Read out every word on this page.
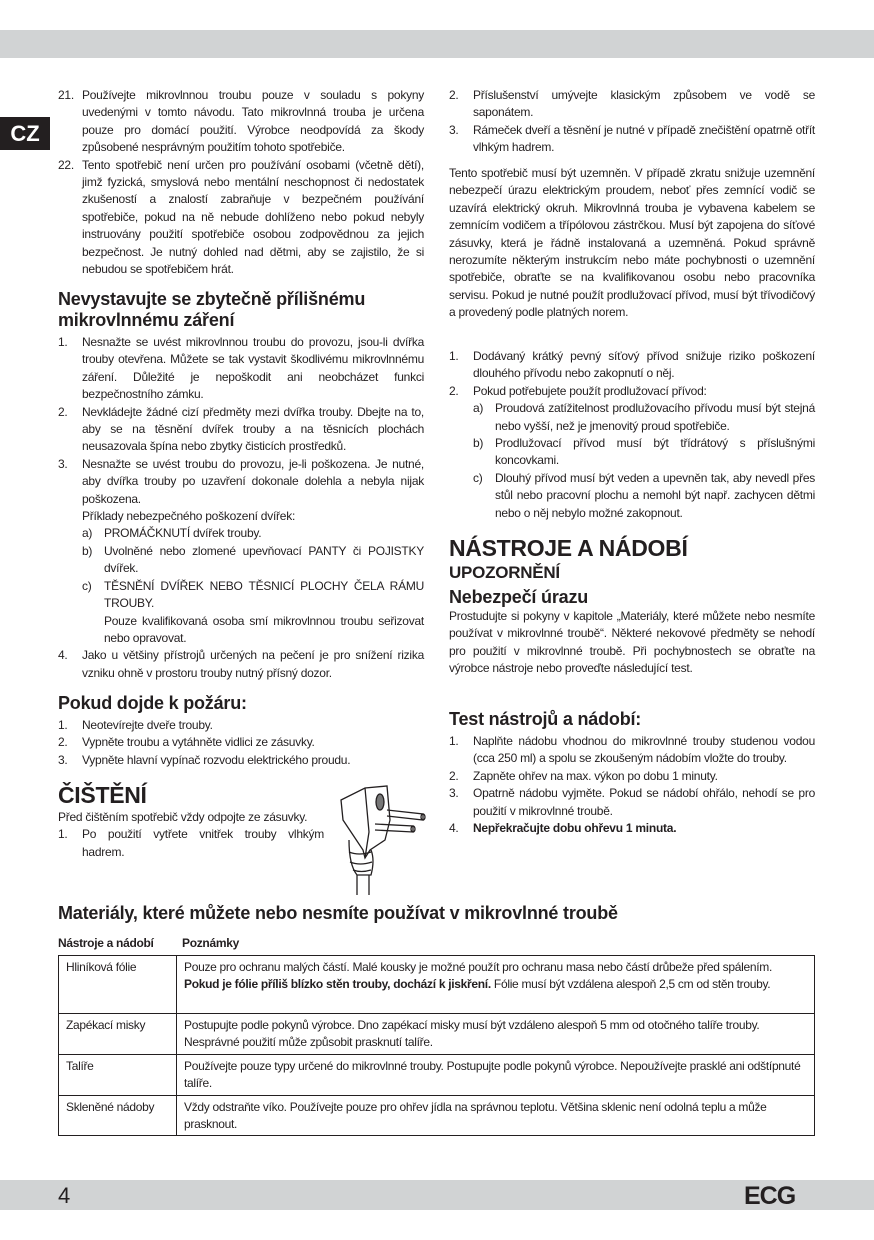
CZ
21. Používejte mikrovlnnou troubu pouze v souladu s pokyny uvedenými v tomto návodu. Tato mikrovlnná trouba je určena pouze pro domácí použití. Výrobce neodpovídá za škody způsobené nesprávným použitím tohoto spotřebiče.
22. Tento spotřebič není určen pro používání osobami (včetně dětí), jimž fyzická, smyslová nebo mentální neschopnost či nedostatek zkušeností a znalostí zabraňuje v bezpečném používání spotřebiče, pokud na ně nebude dohlíženo nebo pokud nebyly instruovány použití spotřebiče osobou zodpovědnou za jejich bezpečnost. Je nutný dohled nad dětmi, aby se zajistilo, že si nebudou se spotřebičem hrát.
Nevystavujte se zbytečně přílišnému mikrovlnnému záření
1. Nesnažte se uvést mikrovlnnou troubu do provozu, jsou-li dvířka trouby otevřena. Můžete se tak vystavit škodlivému mikrovlnnému záření. Důležité je nepoškodit ani neobcházet funkci bezpečnostního zámku.
2. Nevkládejte žádné cizí předměty mezi dvířka trouby. Dbejte na to, aby se na těsnění dvířek trouby a na těsnicích plochách neusazovala špína nebo zbytky čisticích prostředků.
3. Nesnažte se uvést troubu do provozu, je-li poškozena. Je nutné, aby dvířka trouby po uzavření dokonale dolehla a nebyla nijak poškozena.
Příklady nebezpečného poškození dvířek:
a) PROMÁČKNUTÍ dvířek trouby.
b) Uvolněné nebo zlomené upevňovací PANTY či POJISTKY dvířek.
c) TĚSNĚNÍ DVÍŘEK NEBO TĚSNICÍ PLOCHY ČELA RÁMU TROUBY.
Pouze kvalifikovaná osoba smí mikrovlnnou troubu seřizovat nebo opravovat.
4. Jako u většiny přístrojů určených na pečení je pro snížení rizika vzniku ohně v prostoru trouby nutný přísný dozor.
Pokud dojde k požáru:
1. Neotevírejte dveře trouby.
2. Vypněte troubu a vytáhněte vidlici ze zásuvky.
3. Vypněte hlavní vypínač rozvodu elektrického proudu.
ČIŠTĚNÍ

Před čištěním spotřebič vždy odpojte ze zásuvky.

1. Po použití vytřete vnitřek trouby vlhkým hadrem.
2. Příslušenství umývejte klasickým způsobem ve vodě se saponátem.
3. Rámeček dveří a těsnění je nutné v případě znečištění opatrně otřít vlhkým hadrem.

Tento spotřebič musí být uzemněn. V případě zkratu snižuje uzemnění nebezpečí úrazu elektrickým proudem, neboť přes zemnící vodič se uzavírá elektrický okruh. Mikrovlnná trouba je vybavena kabelem se zemnícím vodičem a třípólovou zástrčkou. Musí být zapojena do síťové zásuvky, která je řádně instalovaná a uzemněná. Pokud správně nerozumíte některým instrukcím nebo máte pochybnosti o uzemnění spotřebiče, obraťte se na kvalifikovanou osobu nebo pracovníka servisu. Pokud je nutné použít prodlužovací přívod, musí být třívodičový a provedený podle platných norem.

1. Dodávaný krátký pevný síťový přívod snižuje riziko poškození dlouhého přívodu nebo zakopnutí o něj.
2. Pokud potřebujete použít prodlužovací přívod:
a) Proudová zatížitelnost prodlužovacího přívodu musí být stejná nebo vyšší, než je jmenovitý proud spotřebiče.
b) Prodlužovací přívod musí být třídrátový s příslušnými koncovkami.
c) Dlouhý přívod musí být veden a upevněn tak, aby nevedl přes stůl nebo pracovní plochu a nemohl být např. zachycen dětmi nebo o něj nebylo možné zakopnout.
NÁSTROJE A NÁDOBÍ
UPOZORNĚNÍ
Nebezpečí úrazu

Prostudujte si pokyny v kapitole „Materiály, které můžete nebo nesmíte používat v mikrovlnné troubě“. Některé nekovové předměty se nehodí pro použití v mikrovlnné troubě. Při pochybnostech se obraťte na výrobce nástroje nebo proveďte následující test.

Test nástrojů a nádobí:
1. Naplňte nádobu vhodnou do mikrovlnné trouby studenou vodou (cca 250 ml) a spolu se zkoušeným nádobím vložte do trouby.
2. Zapněte ohřev na max. výkon po dobu 1 minuty.
3. Opatrně nádobu vyjměte. Pokud se nádobí ohřálo, nehodí se pro použití v mikrovlnné troubě.
4. Nepřekračujte dobu ohřevu 1 minuta.
Materiály, které můžete nebo nesmíte používat v mikrovlnné troubě
Nástroje a nádobí Poznámky
Hliníková fólie	Pouze pro ochranu malých částí. Malé kousky je možné použít pro ochranu masa nebo částí drůbeže před spálením. Pokud je fólie příliš blízko stěn trouby, dochází k jiskření. Fólie musí být vzdálena alespoň 2,5 cm od stěn trouby.
Zapékací misky	Postupujte podle pokynů výrobce. Dno zapékací misky musí být vzdáleno alespoň 5 mm od otočného talíře trouby. Nesprávné použití může způsobit prasknutí talíře.
Talíře	Používejte pouze typy určené do mikrovlnné trouby. Postupujte podle pokynů výrobce. Nepoužívejte prasklé ani odštípnuté talíře.
Skleněné nádoby	Vždy odstraňte víko. Používejte pouze pro ohřev jídla na správnou teplotu. Většina sklenic není odolná teplu a může prasknout.
4	ECG
